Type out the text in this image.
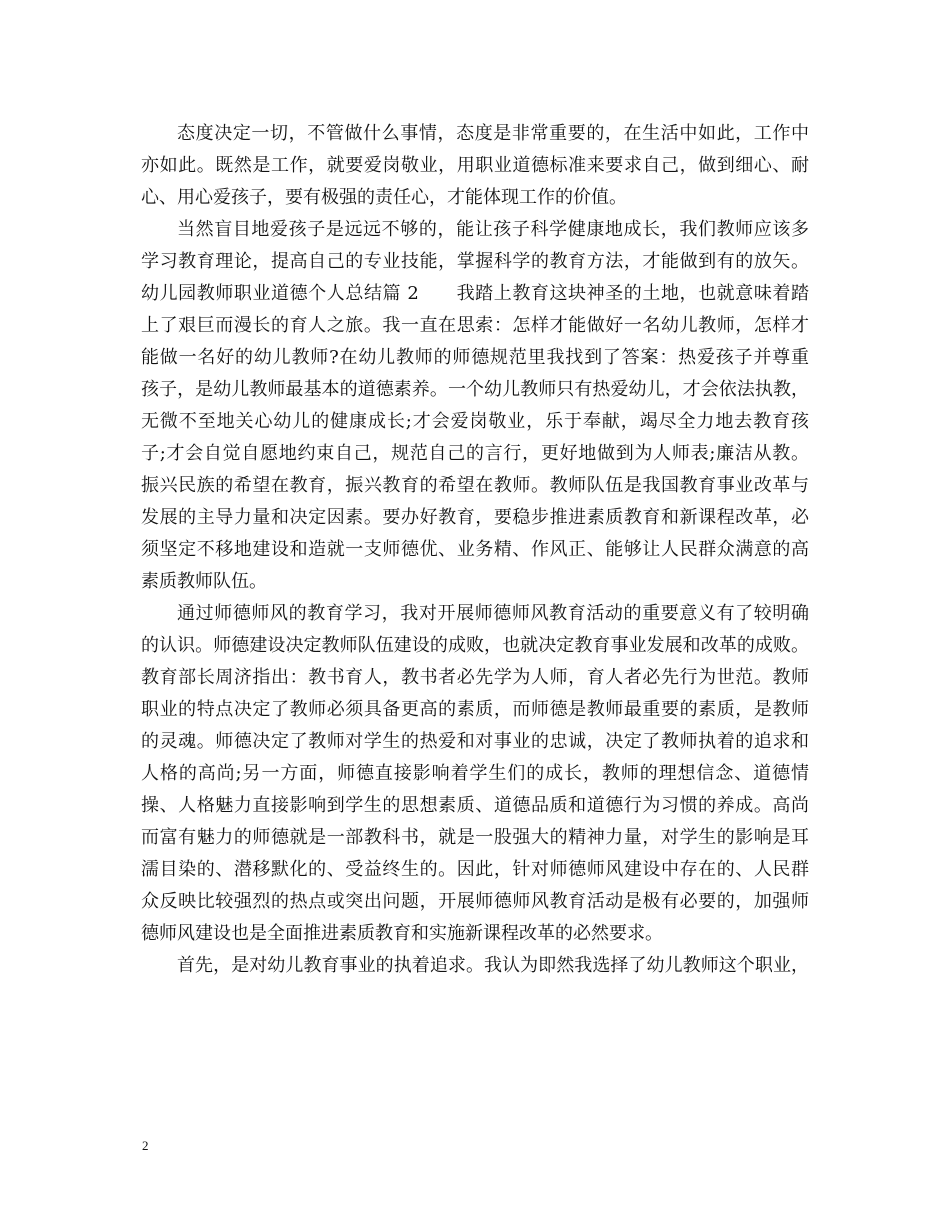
态度决定一切，不管做什么事情，态度是非常重要的，在生活中如此，工作中
亦如此。既然是工作，就要爱岗敬业，用职业道德标准来要求自己，做到细心、耐
心、用心爱孩子，要有极强的责任心，才能体现工作的价值。
当然盲目地爱孩子是远远不够的，能让孩子科学健康地成长，我们教师应该多
学习教育理论，提高自己的专业技能，掌握科学的教育方法，才能做到有的放矢。
幼儿园教师职业道德个人总结篇 2　　我踏上教育这块神圣的土地，也就意味着踏
上了艰巨而漫长的育人之旅。我一直在思索：怎样才能做好一名幼儿教师，怎样才
能做一名好的幼儿教师?在幼儿教师的师德规范里我找到了答案：热爱孩子并尊重
孩子，是幼儿教师最基本的道德素养。一个幼儿教师只有热爱幼儿，才会依法执教，
无微不至地关心幼儿的健康成长;才会爱岗敬业，乐于奉献，竭尽全力地去教育孩
子;才会自觉自愿地约束自己，规范自己的言行，更好地做到为人师表;廉洁从教。
振兴民族的希望在教育，振兴教育的希望在教师。教师队伍是我国教育事业改革与
发展的主导力量和决定因素。要办好教育，要稳步推进素质教育和新课程改革，必
须坚定不移地建设和造就一支师德优、业务精、作风正、能够让人民群众满意的高
素质教师队伍。
通过师德师风的教育学习，我对开展师德师风教育活动的重要意义有了较明确
的认识。师德建设决定教师队伍建设的成败，也就决定教育事业发展和改革的成败。
教育部长周济指出：教书育人，教书者必先学为人师，育人者必先行为世范。教师
职业的特点决定了教师必须具备更高的素质，而师德是教师最重要的素质，是教师
的灵魂。师德决定了教师对学生的热爱和对事业的忠诚，决定了教师执着的追求和
人格的高尚;另一方面，师德直接影响着学生们的成长，教师的理想信念、道德情
操、人格魅力直接影响到学生的思想素质、道德品质和道德行为习惯的养成。高尚
而富有魅力的师德就是一部教科书，就是一股强大的精神力量，对学生的影响是耳
濡目染的、潜移默化的、受益终生的。因此，针对师德师风建设中存在的、人民群
众反映比较强烈的热点或突出问题，开展师德师风教育活动是极有必要的，加强师
德师风建设也是全面推进素质教育和实施新课程改革的必然要求。
首先，是对幼儿教育事业的执着追求。我认为即然我选择了幼儿教师这个职业，
2
